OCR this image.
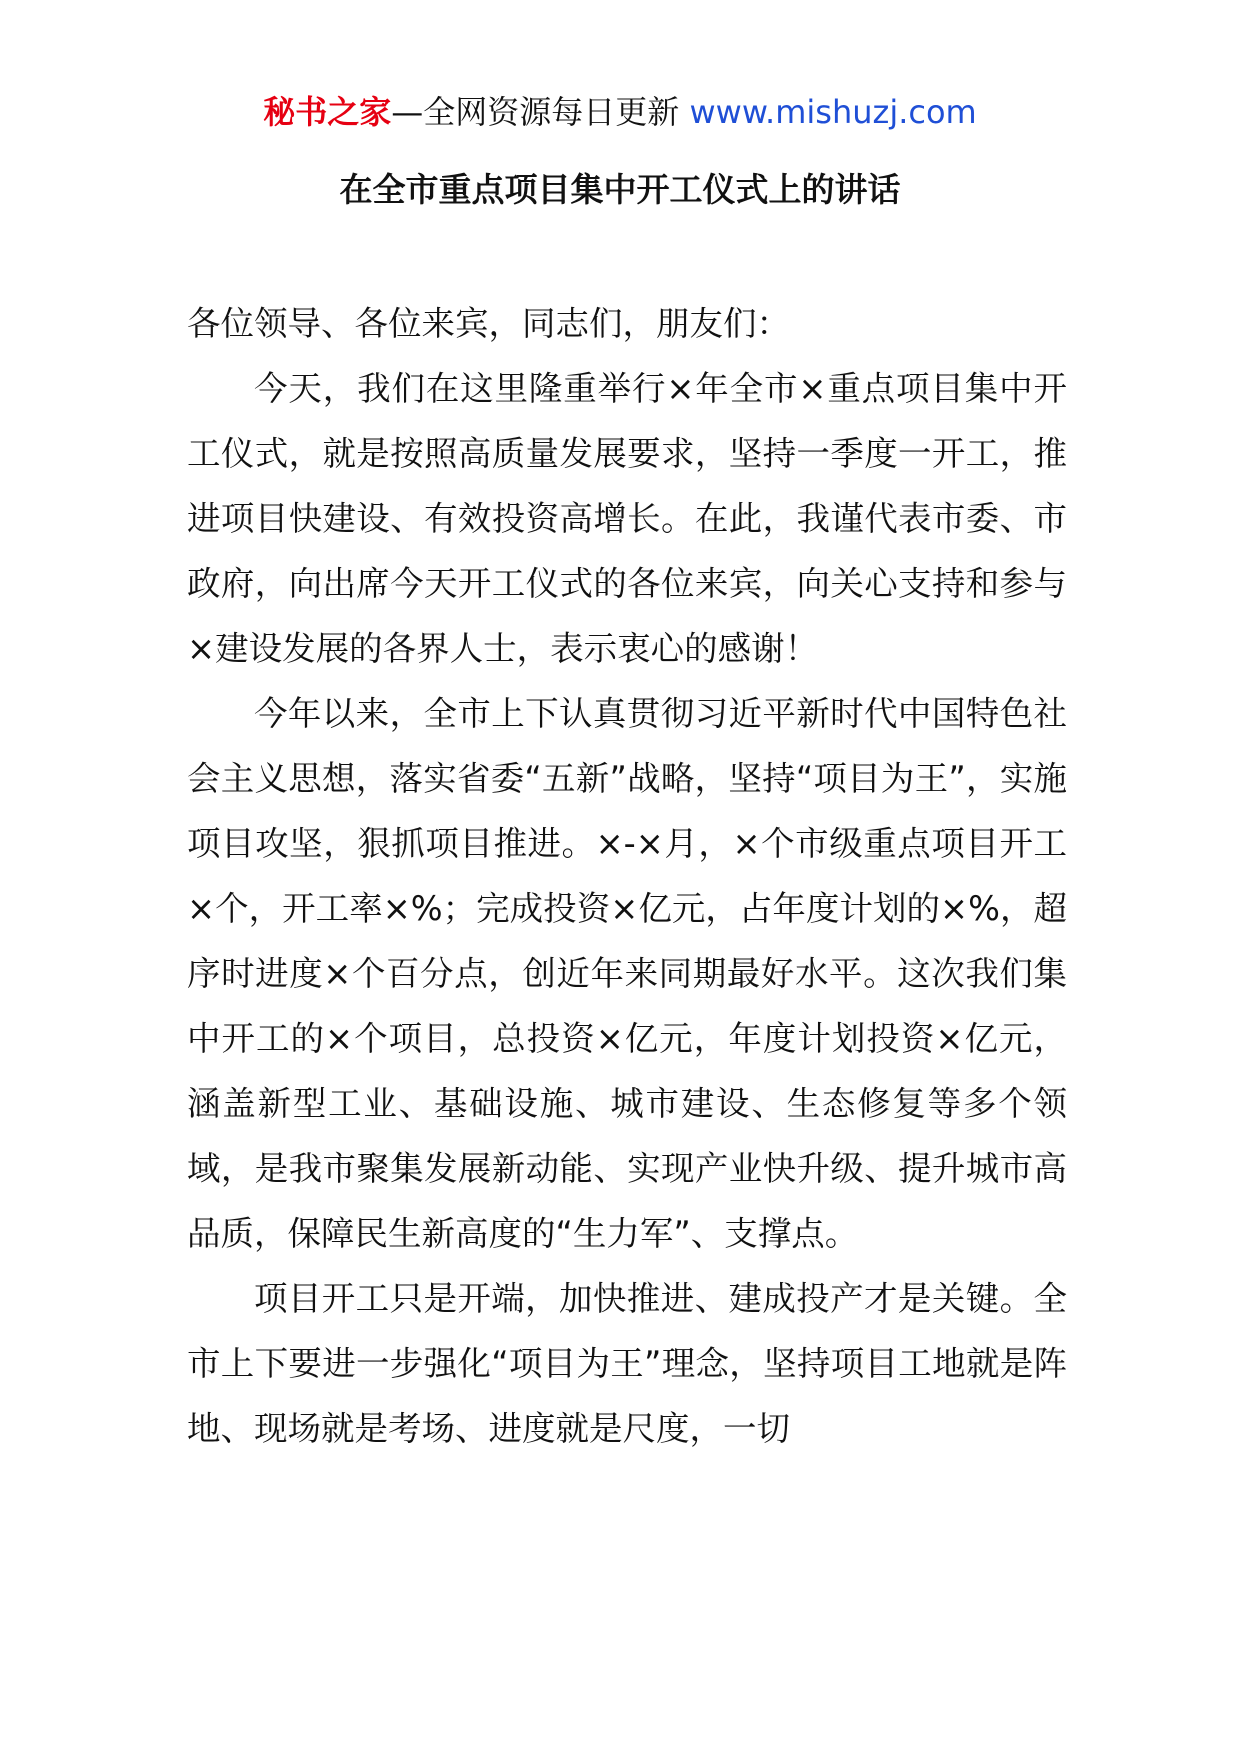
秘书之家—全网资源每日更新 www.mishuzj.com
在全市重点项目集中开工仪式上的讲话

各位领导、各位来宾，同志们，朋友们：

今天，我们在这里隆重举行×年全市×重点项目集中开工仪式，就是按照高质量发展要求，坚持一季度一开工，推进项目快建设、有效投资高增长。在此，我谨代表市委、市政府，向出席今天开工仪式的各位来宾，向关心支持和参与×建设发展的各界人士，表示衷心的感谢！

今年以来，全市上下认真贯彻习近平新时代中国特色社会主义思想，落实省委“五新”战略，坚持“项目为王”，实施项目攻坚，狠抓项目推进。×-×月，×个市级重点项目开工×个，开工率×%；完成投资×亿元，占年度计划的×%，超序时进度×个百分点，创近年来同期最好水平。这次我们集中开工的×个项目，总投资×亿元，年度计划投资×亿元，涵盖新型工业、基础设施、城市建设、生态修复等多个领域，是我市聚集发展新动能、实现产业快升级、提升城市高品质，保障民生新高度的“生力军”、支撑点。

项目开工只是开端，加快推进、建成投产才是关键。全市上下要进一步强化“项目为王”理念，坚持项目工地就是阵地、现场就是考场、进度就是尺度，一切
